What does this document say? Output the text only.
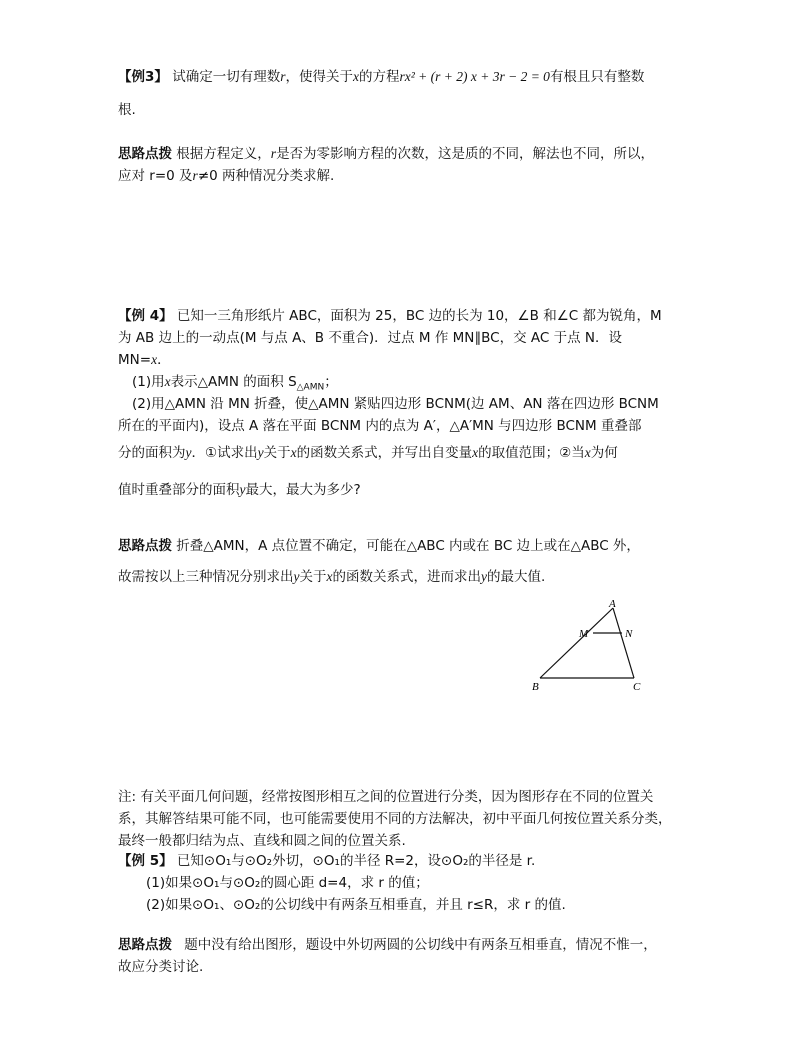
【例3】 试确定一切有理数r，使得关于x的方程rx² + (r + 2) x + 3r − 2 = 0有根且只有整数
根.
思路点拨 根据方程定义，r是否为零影响方程的次数，这是质的不同，解法也不同，所以，
应对 r=0 及r≠0 两种情况分类求解.
【例 4】 已知一三角形纸片 ABC，面积为 25，BC 边的长为 10，∠B 和∠C 都为锐角，M
为 AB 边上的一动点(M 与点 A、B 不重合)．过点 M 作 MN∥BC，交 AC 于点 N．设
MN=x．
(1)用x表示△AMN 的面积 $S_{\triangle AMN}$；
(2)用△AMN 沿 MN 折叠，使△AMN 紧贴四边形 BCNM(边 AM、AN 落在四边形 BCNM
所在的平面内)，设点 A 落在平面 BCNM 内的点为 A′，△A′MN 与四边形 BCNM 重叠部
分的面积为y．①试求出y关于x的函数关系式，并写出自变量x的取值范围；②当x为何
值时重叠部分的面积y最大，最大为多少?
思路点拨 折叠△AMN，A 点位置不确定，可能在△ABC 内或在 BC 边上或在△ABC 外，
故需按以上三种情况分别求出y关于x的函数关系式，进而求出y的最大值.
A
M	N
B	C
注: 有关平面几何问题，经常按图形相互之间的位置进行分类，因为图形存在不同的位置关
系，其解答结果可能不同，也可能需要使用不同的方法解决，初中平面几何按位置关系分类，
最终一般都归结为点、直线和圆之间的位置关系.
【例 5】 已知⊙O₁与⊙O₂外切，⊙O₁的半径 R=2，设⊙O₂的半径是 r.
(1)如果⊙O₁与⊙O₂的圆心距 d=4，求 r 的值；
(2)如果⊙O₁、⊙O₂的公切线中有两条互相垂直，并且 r≤R，求 r 的值.
思路点拨 题中没有给出图形，题设中外切两圆的公切线中有两条互相垂直，情况不惟一，
故应分类讨论.
